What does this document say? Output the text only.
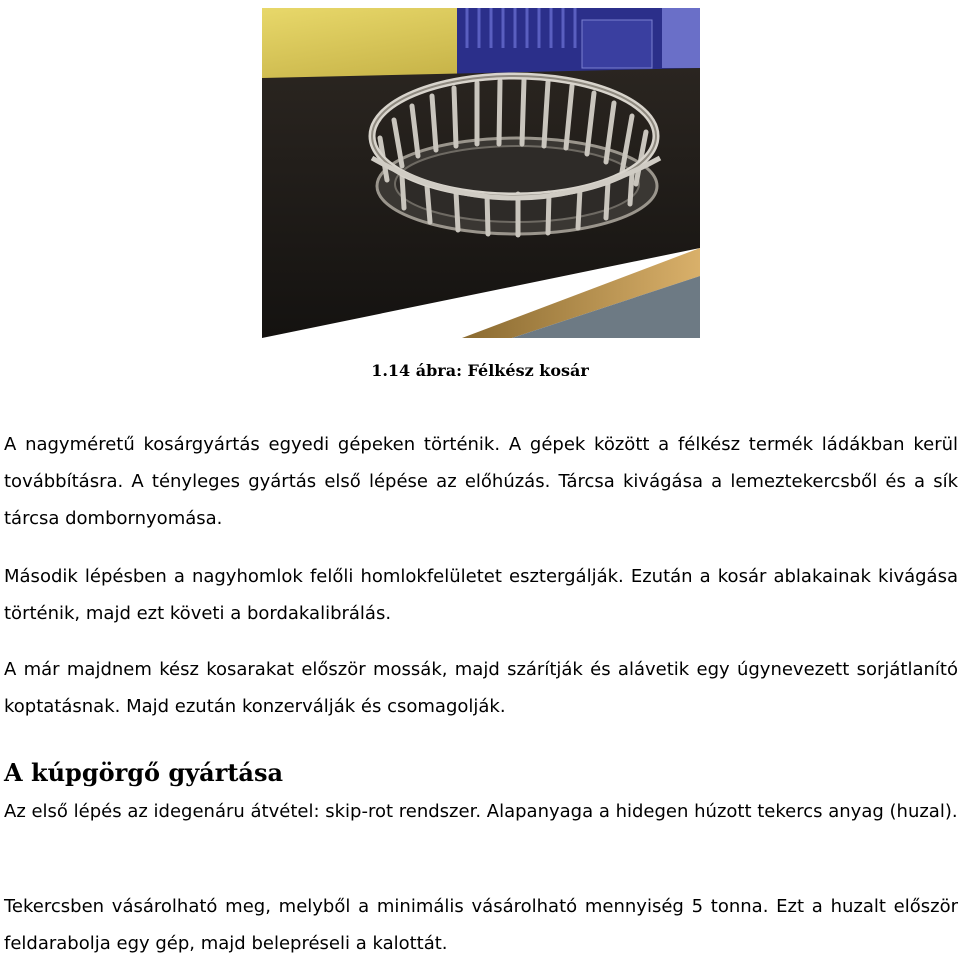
1.14 ábra: Félkész kosár

A nagyméretű kosárgyártás egyedi gépeken történik. A gépek között a félkész termék ládákban kerül továbbításra. A tényleges gyártás első lépése az előhúzás. Tárcsa kivágása a lemeztekercsből és a sík tárcsa dombornyomása.

Második lépésben a nagyhomlok felőli homlokfelületet esztergálják. Ezután a kosár ablakainak kivágása történik, majd ezt követi a bordakalibrálás.

A már majdnem kész kosarakat először mossák, majd szárítják és alávetik egy úgynevezett sorjátlanító koptatásnak. Majd ezután konzerválják és csomagolják.

A kúpgörgő gyártása

Az első lépés az idegenáru átvétel: skip-rot rendszer. Alapanyaga a hidegen húzott tekercs anyag (huzal).

Tekercsben vásárolható meg, melyből a minimális vásárolható mennyiség 5 tonna. Ezt a huzalt először feldarabolja egy gép, majd belepréseli a kalottát.
